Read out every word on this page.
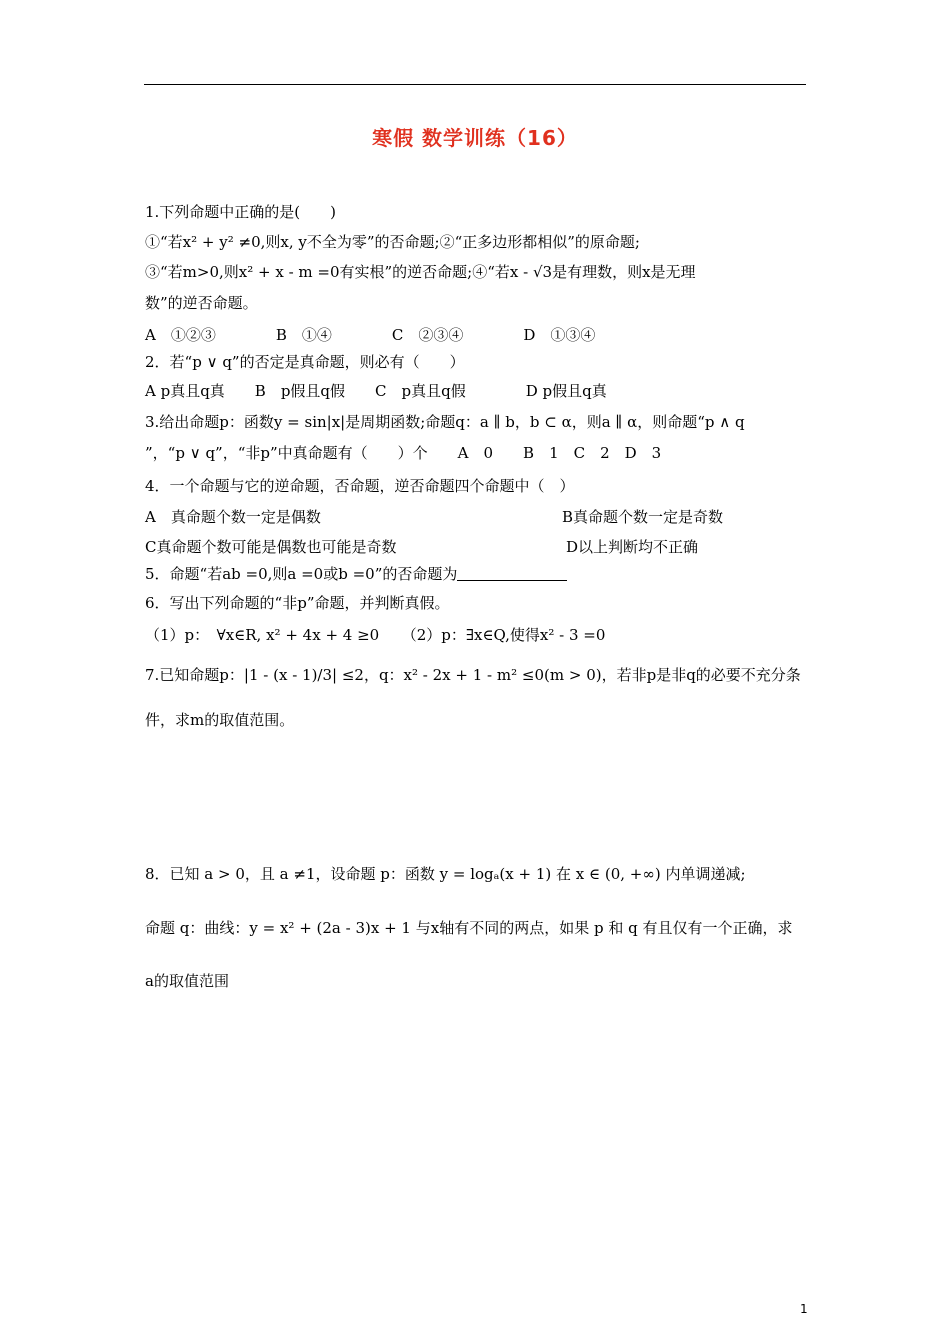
寒假 数学训练（16）
1.下列命题中正确的是(　　)
①“若x² + y² ≠0,则x, y不全为零”的否命题;②“正多边形都相似”的原命题;
③“若m>0,则x² + x - m =0有实根”的逆否命题;④“若x - √3是有理数，则x是无理
数”的逆否命题。
A　①②③　　　　B　①④　　　　C　②③④　　　　D　①③④
2．若“p ∨ q”的否定是真命题，则必有（　　）
A p真且q真　　B　p假且q假　　C　p真且q假　　　　D p假且q真
3.给出命题p：函数y = sin|x|是周期函数;命题q：a ∥ b，b ⊂ α，则a ∥ α，则命题“p ∧ q
”，“p ∨ q”，“非p”中真命题有（　　）个　　A　0　　B　1　C　2　D　3
4．一个命题与它的逆命题，否命题，逆否命题四个命题中（　）
A　真命题个数一定是偶数	B真命题个数一定是奇数
C真命题个数可能是偶数也可能是奇数	D以上判断均不正确
5．命题“若ab =0,则a =0或b =0”的否命题为
6．写出下列命题的“非p”命题，并判断真假。
（1）p：　∀x∈R, x² + 4x + 4 ≥0　　（2）p：∃x∈Q,使得x² - 3 =0
7.已知命题p：|1 - (x - 1)/3| ≤2，q：x² - 2x + 1 - m² ≤0(m > 0)，若非p是非q的必要不充分条
件，求m的取值范围。
8．已知 a > 0，且 a ≠1，设命题 p：函数 y = logₐ(x + 1) 在 x ∈ (0, +∞) 内单调递减;
命题 q：曲线：y = x² + (2a - 3)x + 1 与x轴有不同的两点，如果 p 和 q 有且仅有一个正确，求
a的取值范围
1
